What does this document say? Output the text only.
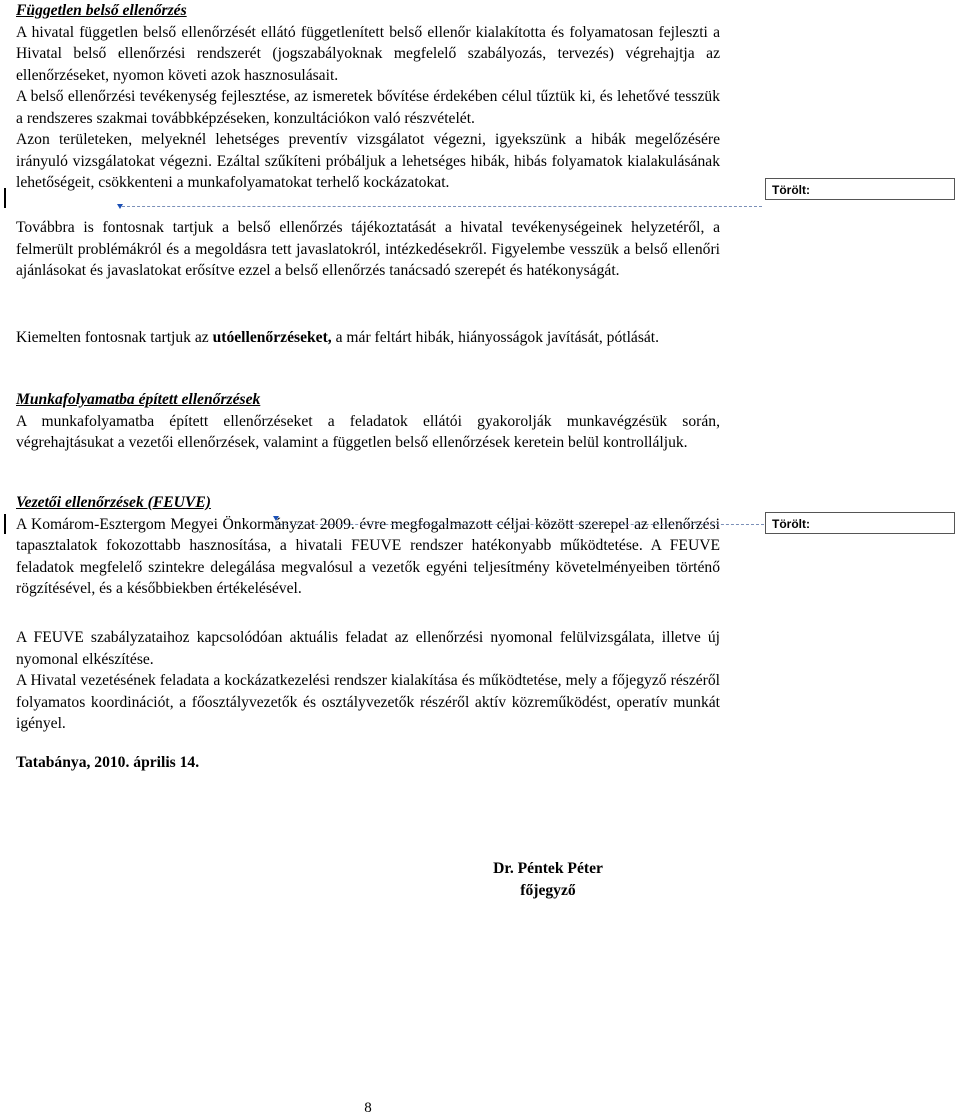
Független belső ellenőrzés

A hivatal független belső ellenőrzését ellátó függetlenített belső ellenőr kialakította és folyamatosan fejleszti a Hivatal belső ellenőrzési rendszerét (jogszabályoknak megfelelő szabályozás, tervezés) végrehajtja az ellenőrzéseket, nyomon követi azok hasznosulásait.

A belső ellenőrzési tevékenység fejlesztése, az ismeretek bővítése érdekében célul tűztük ki, és lehetővé tesszük a rendszeres szakmai továbbképzéseken, konzultációkon való részvételét.

Azon területeken, melyeknél lehetséges preventív vizsgálatot végezni, igyekszünk a hibák megelőzésére irányuló vizsgálatokat végezni. Ezáltal szűkíteni próbáljuk a lehetséges hibák, hibás folyamatok kialakulásának lehetőségeit, csökkenteni a munkafolyamatokat terhelő kockázatokat.	Törölt:

Továbbra is fontosnak tartjuk a belső ellenőrzés tájékoztatását a hivatal tevékenységeinek helyzetéről, a felmerült problémákról és a megoldásra tett javaslatokról, intézkedésekről. Figyelembe vesszük a belső ellenőri ajánlásokat és javaslatokat erősítve ezzel a belső ellenőrzés tanácsadó szerepét és hatékonyságát.

Kiemelten fontosnak tartjuk az utóellenőrzéseket, a már feltárt hibák, hiányosságok javítását, pótlását.

Munkafolyamatba épített ellenőrzések

A munkafolyamatba épített ellenőrzéseket a feladatok ellátói gyakorolják munkavégzésük során, végrehajtásukat a vezetői ellenőrzések, valamint a független belső ellenőrzések keretein belül kontrolláljuk.

Vezetői ellenőrzések (FEUVE)

A Komárom-Esztergom Megyei Önkormányzat 2009. évre megfogalmazott céljai között szerepel az ellenőrzési tapasztalatok fokozottabb hasznosítása, a hivatali FEUVE rendszer hatékonyabb működtetése. A FEUVE feladatok megfelelő szintekre delegálása megvalósul a vezetők egyéni teljesítmény követelményeiben történő rögzítésével, és a későbbiekben értékelésével.

Törölt:

A FEUVE szabályzataihoz kapcsolódóan aktuális feladat az ellenőrzési nyomonal felülvizsgálata, illetve új nyomonal elkészítése.

A Hivatal vezetésének feladata a kockázatkezelési rendszer kialakítása és működtetése, mely a főjegyző részéről folyamatos koordinációt, a főosztályvezetők és osztályvezetők részéről aktív közreműködést, operatív munkát igényel.

Tatabánya, 2010. április 14.

Dr. Péntek Péter
főjegyző
8
